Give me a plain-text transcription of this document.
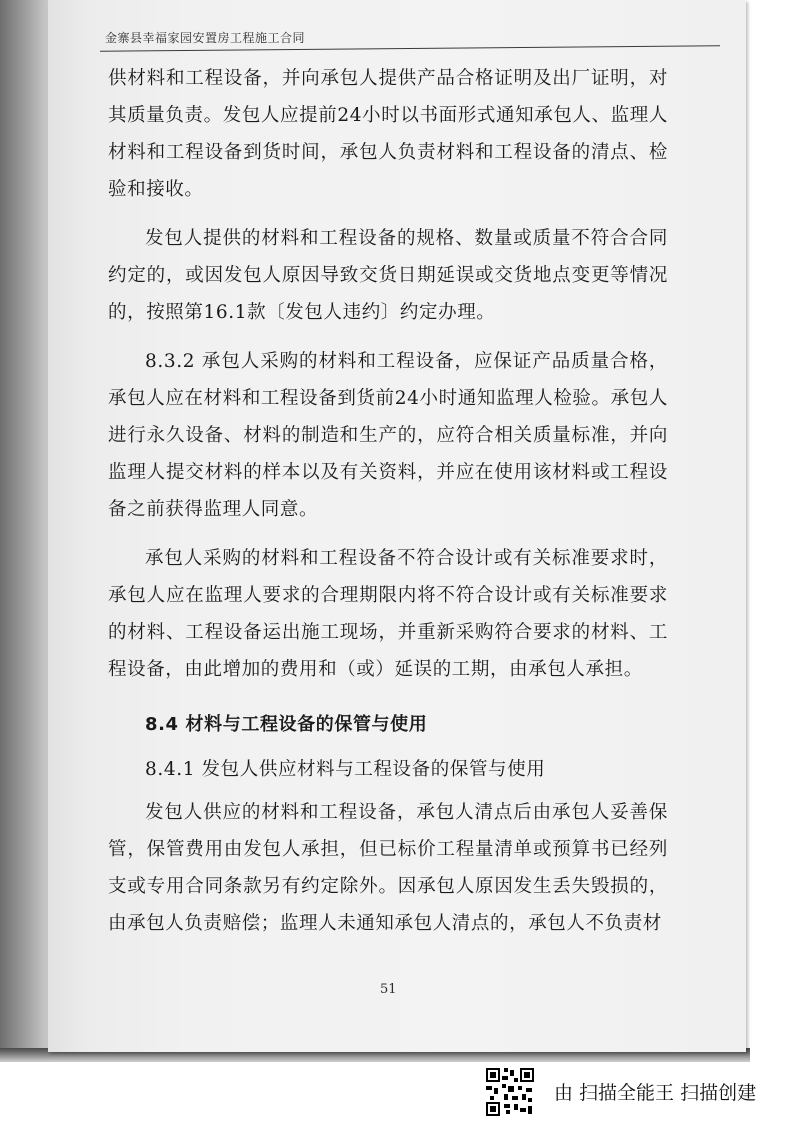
金寨县幸福家园安置房工程施工合同

供材料和工程设备，并向承包人提供产品合格证明及出厂证明，对其质量负责。发包人应提前24小时以书面形式通知承包人、监理人材料和工程设备到货时间，承包人负责材料和工程设备的清点、检验和接收。

发包人提供的材料和工程设备的规格、数量或质量不符合合同约定的，或因发包人原因导致交货日期延误或交货地点变更等情况的，按照第16.1款〔发包人违约〕约定办理。

8.3.2 承包人采购的材料和工程设备，应保证产品质量合格，承包人应在材料和工程设备到货前24小时通知监理人检验。承包人进行永久设备、材料的制造和生产的，应符合相关质量标准，并向监理人提交材料的样本以及有关资料，并应在使用该材料或工程设备之前获得监理人同意。

承包人采购的材料和工程设备不符合设计或有关标准要求时，承包人应在监理人要求的合理期限内将不符合设计或有关标准要求的材料、工程设备运出施工现场，并重新采购符合要求的材料、工程设备，由此增加的费用和（或）延误的工期，由承包人承担。

8.4 材料与工程设备的保管与使用

8.4.1 发包人供应材料与工程设备的保管与使用

发包人供应的材料和工程设备，承包人清点后由承包人妥善保管，保管费用由发包人承担，但已标价工程量清单或预算书已经列支或专用合同条款另有约定除外。因承包人原因发生丢失毁损的，由承包人负责赔偿；监理人未通知承包人清点的，承包人不负责材

51
由 扫描全能王 扫描创建
